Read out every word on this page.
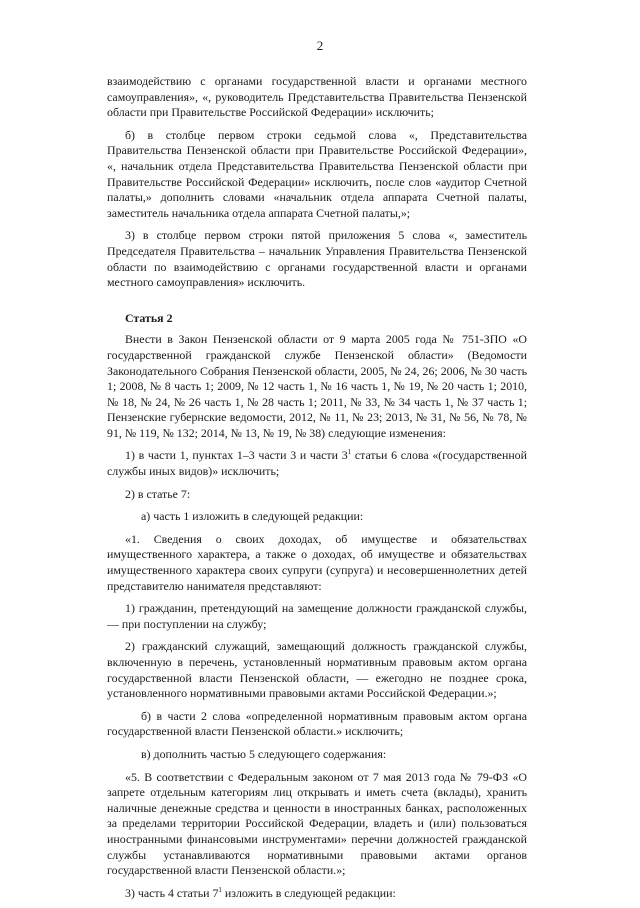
2

взаимодействию с органами государственной власти и органами местного самоуправления», «, руководитель Представительства Правительства Пензенской области при Правительстве Российской Федерации» исключить;

б) в столбце первом строки седьмой слова «, Представительства Правительства Пензенской области при Правительстве Российской Федерации», «, начальник отдела Представительства Правительства Пензенской области при Правительстве Российской Федерации» исключить, после слов «аудитор Счетной палаты,» дополнить словами «начальник отдела аппарата Счетной палаты, заместитель начальника отдела аппарата Счетной палаты,»;

3) в столбце первом строки пятой приложения 5 слова «, заместитель Председателя Правительства – начальник Управления Правительства Пензенской области по взаимодействию с органами государственной власти и органами местного самоуправления» исключить.

Статья 2

Внести в Закон Пензенской области от 9 марта 2005 года № 751-ЗПО «О государственной гражданской службе Пензенской области» (Ведомости Законодательного Собрания Пензенской области, 2005, № 24, 26; 2006, № 30 часть 1; 2008, № 8 часть 1; 2009, № 12 часть 1, № 16 часть 1, № 19, № 20 часть 1; 2010, № 18, № 24, № 26 часть 1, № 28 часть 1; 2011, № 33, № 34 часть 1, № 37 часть 1; Пензенские губернские ведомости, 2012, № 11, № 23; 2013, № 31, № 56, № 78, № 91, № 119, № 132; 2014, № 13, № 19, № 38) следующие изменения:

1) в части 1, пунктах 1–3 части 3 и части $3^1$ статьи 6 слова «(государственной службы иных видов)» исключить;

2) в статье 7:

а) часть 1 изложить в следующей редакции:

«1. Сведения о своих доходах, об имуществе и обязательствах имущественного характера, а также о доходах, об имуществе и обязательствах имущественного характера своих супруги (супруга) и несовершеннолетних детей представителю нанимателя представляют:

1) гражданин, претендующий на замещение должности гражданской службы, — при поступлении на службу;

2) гражданский служащий, замещающий должность гражданской службы, включенную в перечень, установленный нормативным правовым актом органа государственной власти Пензенской области, — ежегодно не позднее срока, установленного нормативными правовыми актами Российской Федерации.»;

б) в части 2 слова «определенной нормативным правовым актом органа государственной власти Пензенской области.» исключить;

в) дополнить частью 5 следующего содержания:

«5. В соответствии с Федеральным законом от 7 мая 2013 года № 79-ФЗ «О запрете отдельным категориям лиц открывать и иметь счета (вклады), хранить наличные денежные средства и ценности в иностранных банках, расположенных за пределами территории Российской Федерации, владеть и (или) пользоваться иностранными финансовыми инструментами» перечни должностей гражданской службы устанавливаются нормативными правовыми актами органов государственной власти Пензенской области.»;

3) часть 4 статьи $7^1$ изложить в следующей редакции:
